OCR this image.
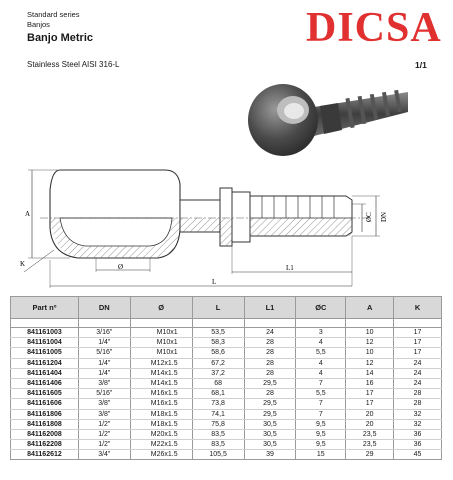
Standard series
Banjos
Banjo Metric
Stainless Steel AISI 316-L	1/1
DICSA
A
K	Ø	L1
L
ØC DN
Part nº	DN	Ø	L	L1	ØC	A	K

841161003	3/16"	M10x1	53,5	24	3	10	17
841161004	1/4"	M10x1	58,3	28	4	12	17
841161005	5/16"	M10x1	58,6	28	5,5	10	17
841161204	1/4"	M12x1.5	67,2	28	4	12	24
841161404	1/4"	M14x1.5	37,2	28	4	14	24
841161406	3/8"	M14x1.5	68	29,5	7	16	24
841161605	5/16"	M16x1.5	68,1	28	5,5	17	28
841161606	3/8"	M16x1.5	73,8	29,5	7	17	28
841161806	3/8"	M18x1.5	74,1	29,5	7	20	32
841161808	1/2"	M18x1.5	75,8	30,5	9,5	20	32
841162008	1/2"	M20x1.5	83,5	30,5	9,5	23,5	36
841162208	1/2"	M22x1.5	83,5	30,5	9,5	23,5	36
841162612	3/4"	M26x1.5	105,5	39	15	29	45
